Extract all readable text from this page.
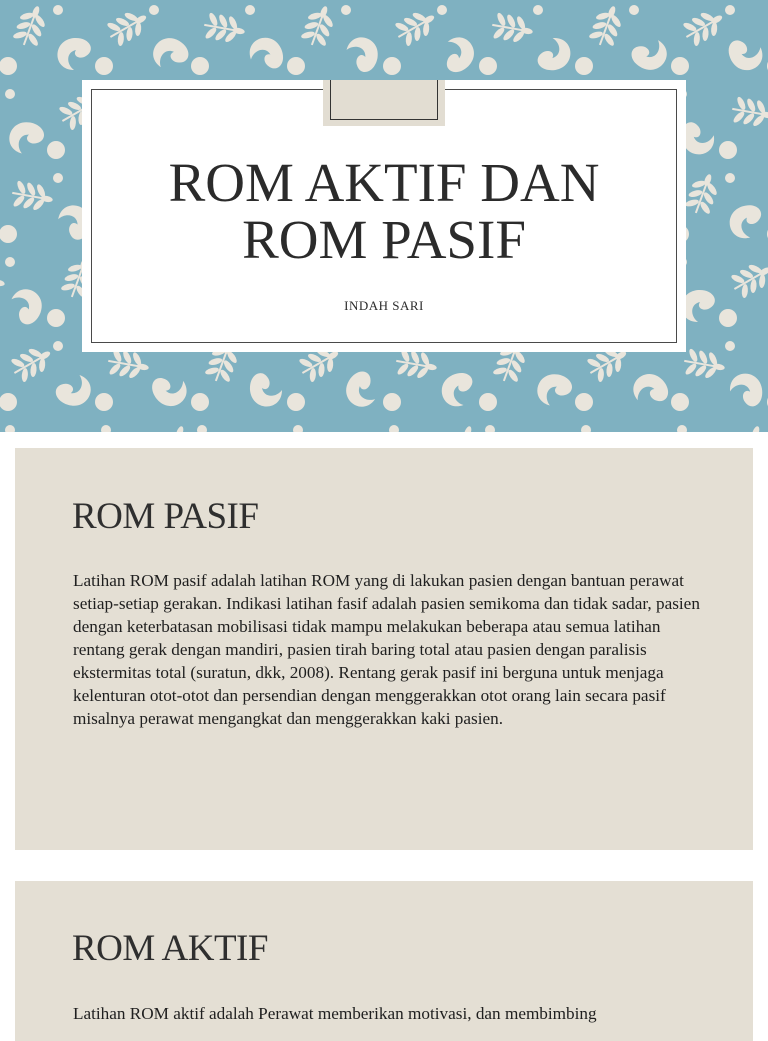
ROM AKTIF DAN
ROM PASIF
INDAH SARI
ROM PASIF

Latihan ROM pasif adalah latihan ROM yang di lakukan pasien dengan bantuan perawat setiap-setiap gerakan. Indikasi latihan fasif adalah pasien semikoma dan tidak sadar, pasien dengan keterbatasan mobilisasi tidak mampu melakukan beberapa atau semua latihan rentang gerak dengan mandiri, pasien tirah baring total atau pasien dengan paralisis ekstermitas total (suratun, dkk, 2008). Rentang gerak pasif ini berguna untuk menjaga kelenturan otot-otot dan persendian dengan menggerakkan otot orang lain secara pasif misalnya perawat mengangkat dan menggerakkan kaki pasien.

ROM AKTIF

Latihan ROM aktif adalah Perawat memberikan motivasi, dan membimbing
